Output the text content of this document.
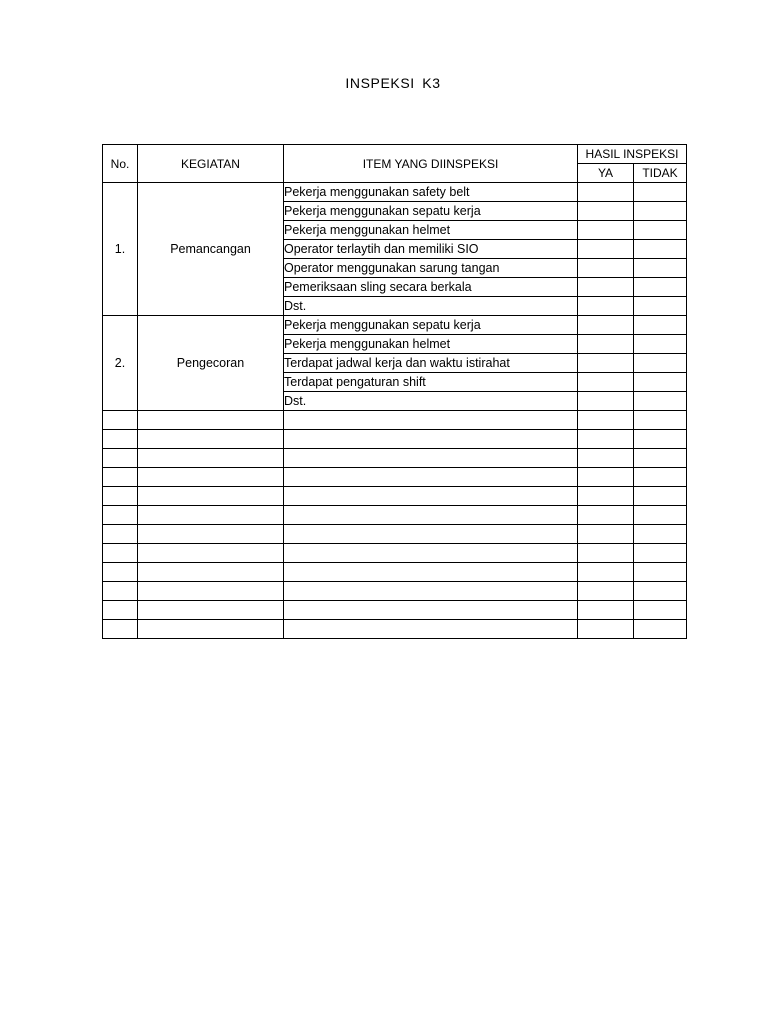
INSPEKSI K3
No.	KEGIATAN	ITEM YANG DIINSPEKSI	HASIL INSPEKSI	
			YA	TIDAK
1.	Pemancangan	Pekerja menggunakan safety belt		
		Pekerja menggunakan sepatu kerja		
		Pekerja menggunakan helmet		
		Operator terlaytih dan memiliki SIO		
		Operator menggunakan sarung tangan		
		Pemeriksaan sling secara berkala		
		Dst.		
2.	Pengecoran	Pekerja menggunakan sepatu kerja		
		Pekerja menggunakan helmet		
		Terdapat jadwal kerja dan waktu istirahat		
		Terdapat pengaturan shift		
		Dst.		
